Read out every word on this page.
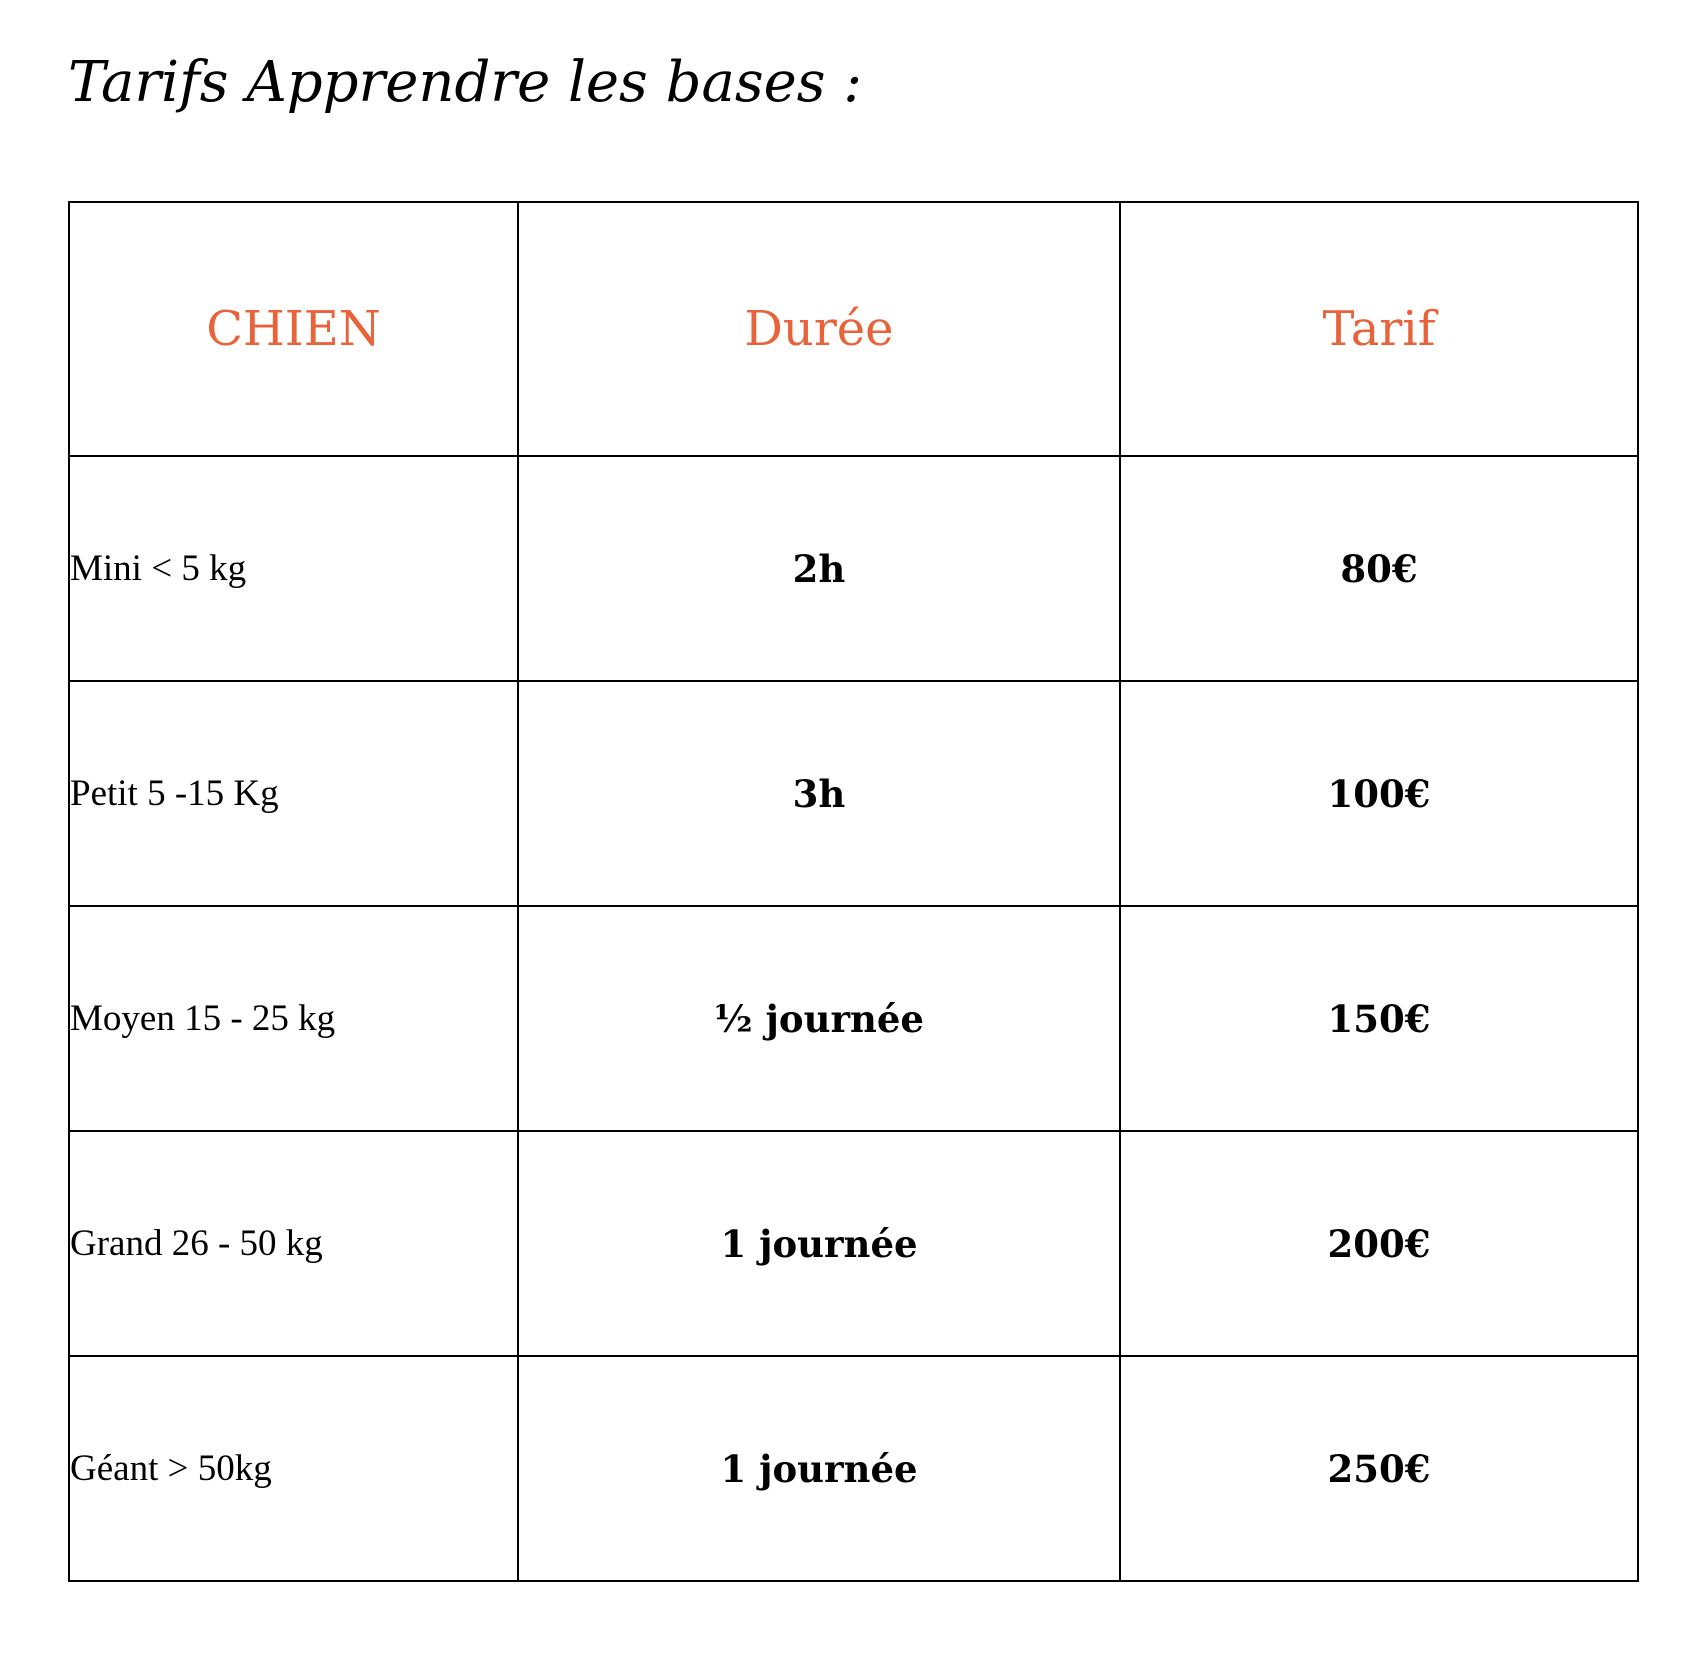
Tarifs Apprendre les bases :
CHIEN	Durée	Tarif
Mini < 5 kg	2h	80€
Petit 5 -15 Kg	3h	100€
Moyen 15 - 25 kg	½ journée	150€
Grand 26 - 50 kg	1 journée	200€
Géant > 50kg	1 journée	250€
